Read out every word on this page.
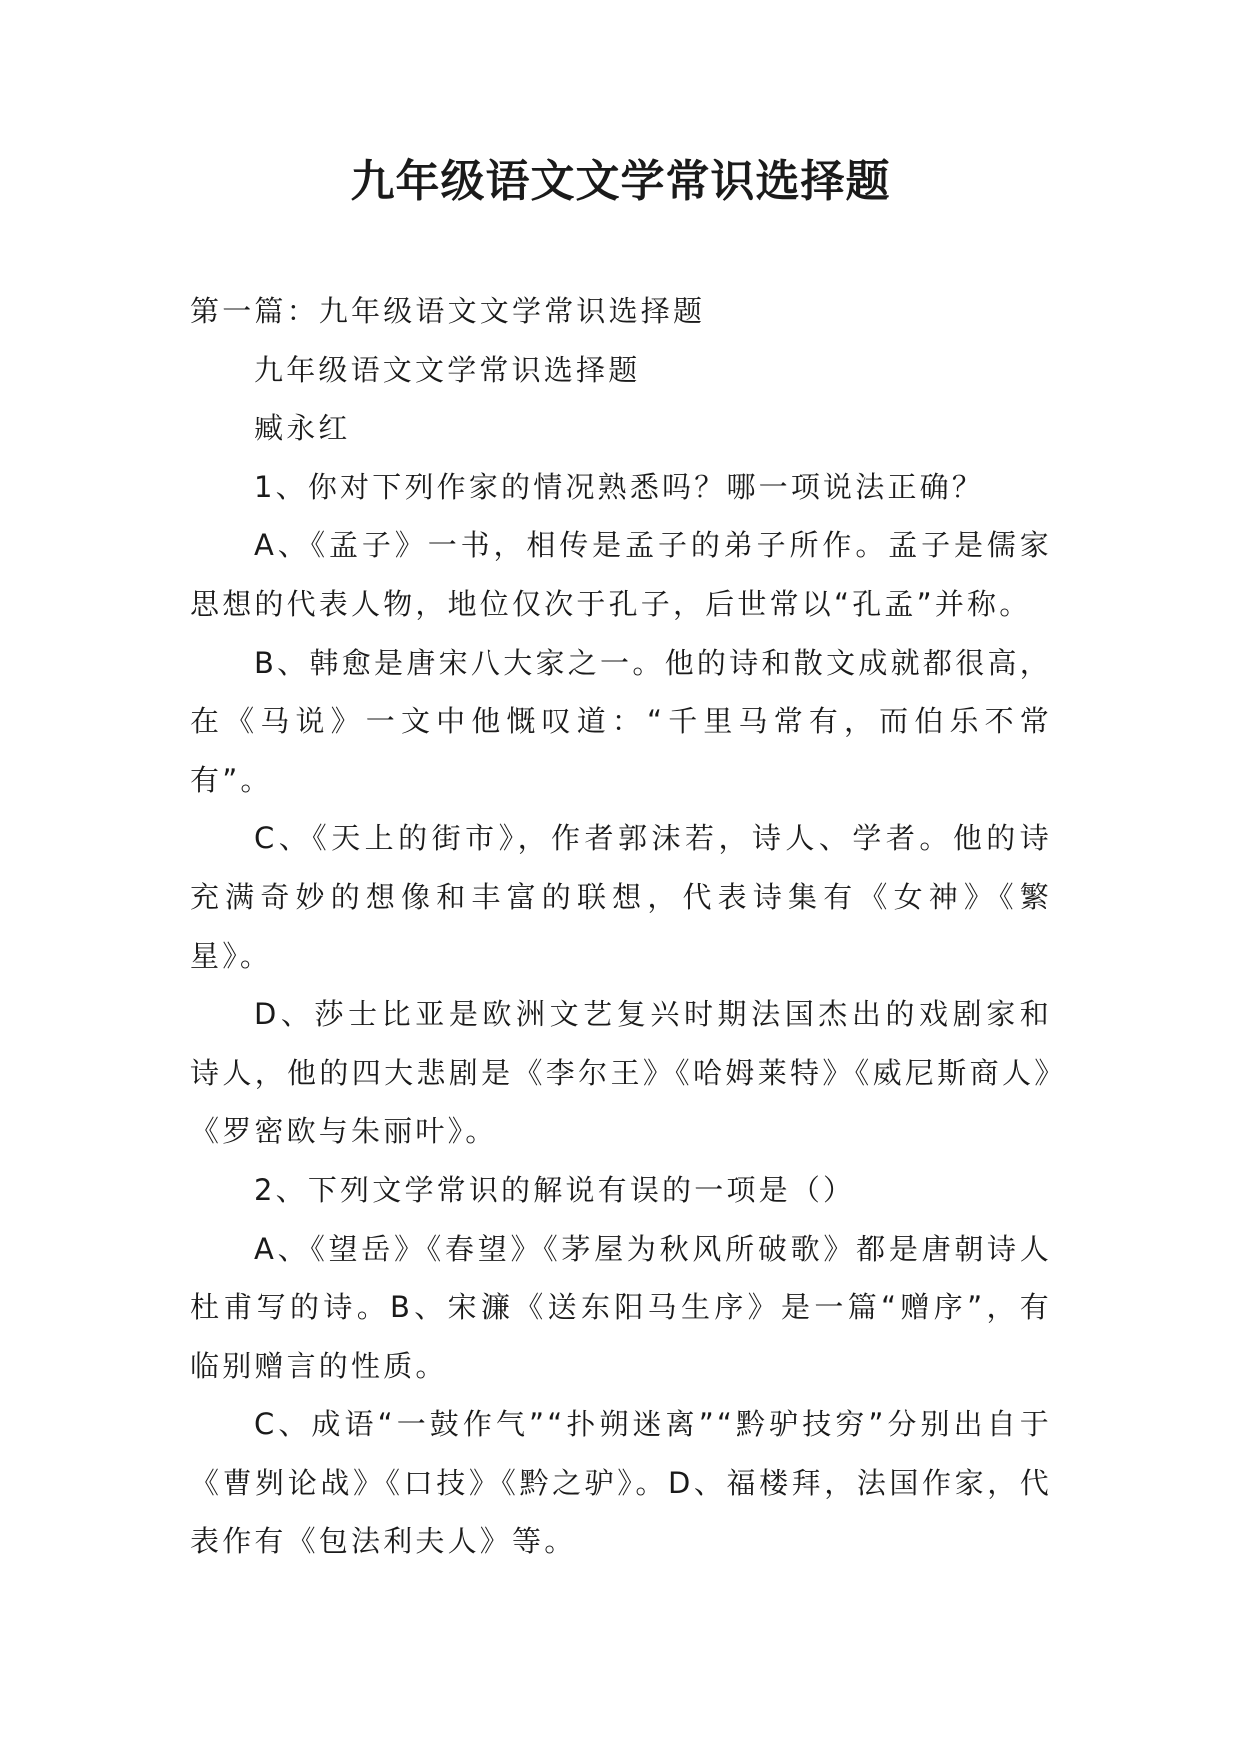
九年级语文文学常识选择题

第一篇：九年级语文文学常识选择题

九年级语文文学常识选择题

臧永红

1、你对下列作家的情况熟悉吗？哪一项说法正确？

A、《孟子》一书，相传是孟子的弟子所作。孟子是儒家思想的代表人物，地位仅次于孔子，后世常以“孔孟”并称。

B、韩愈是唐宋八大家之一。他的诗和散文成就都很高，在《马说》一文中他慨叹道：“千里马常有，而伯乐不常有”。

C、《天上的街市》，作者郭沫若，诗人、学者。他的诗充满奇妙的想像和丰富的联想，代表诗集有《女神》《繁星》。

D、莎士比亚是欧洲文艺复兴时期法国杰出的戏剧家和诗人，他的四大悲剧是《李尔王》《哈姆莱特》《威尼斯商人》《罗密欧与朱丽叶》。

2、下列文学常识的解说有误的一项是（）

A、《望岳》《春望》《茅屋为秋风所破歌》都是唐朝诗人杜甫写的诗。B、宋濂《送东阳马生序》是一篇“赠序”，有临别赠言的性质。

C、成语“一鼓作气”“扑朔迷离”“黔驴技穷”分别出自于《曹刿论战》《口技》《黔之驴》。D、福楼拜，法国作家，代表作有《包法利夫人》等。
